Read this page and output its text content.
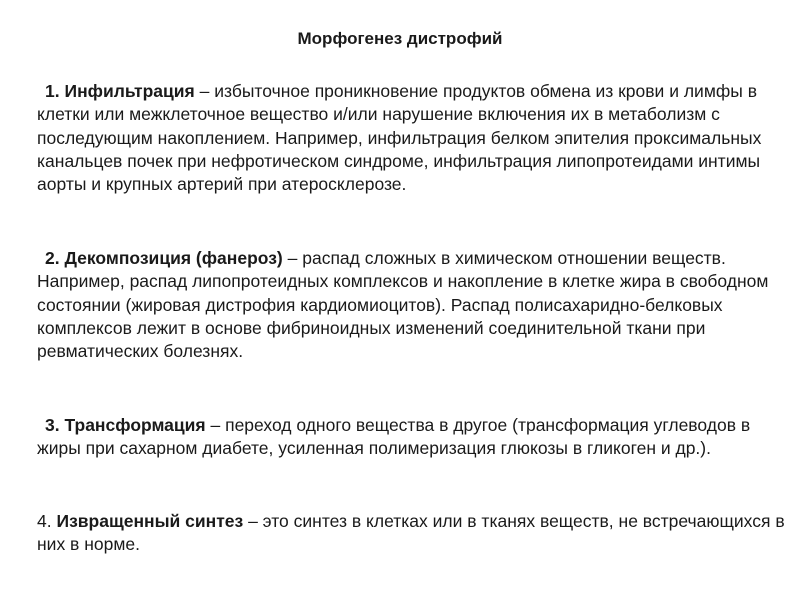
Морфогенез дистрофий

1. Инфильтрация – избыточное проникновение продуктов обмена из крови и лимфы в клетки или межклеточное вещество и/или нарушение включения их в метаболизм с последующим накоплением. Например, инфильтрация белком эпителия проксимальных канальцев почек при нефротическом синдроме, инфильтрация липопротеидами интимы аорты и крупных артерий при атеросклерозе.

2. Декомпозиция (фанероз) – распад сложных в химическом отношении веществ. Например, распад липопротеидных комплексов и накопление в клетке жира в свободном состоянии (жировая дистрофия кардиомиоцитов). Распад полисахаридно-белковых комплексов лежит в основе фибриноидных изменений соединительной ткани при ревматических болезнях.

3. Трансформация – переход одного вещества в другое (трансформация углеводов в жиры при сахарном диабете, усиленная полимеризация глюкозы в гликоген и др.).

4. Извращенный синтез – это синтез в клетках или в тканях веществ, не встречающихся в них в норме.
